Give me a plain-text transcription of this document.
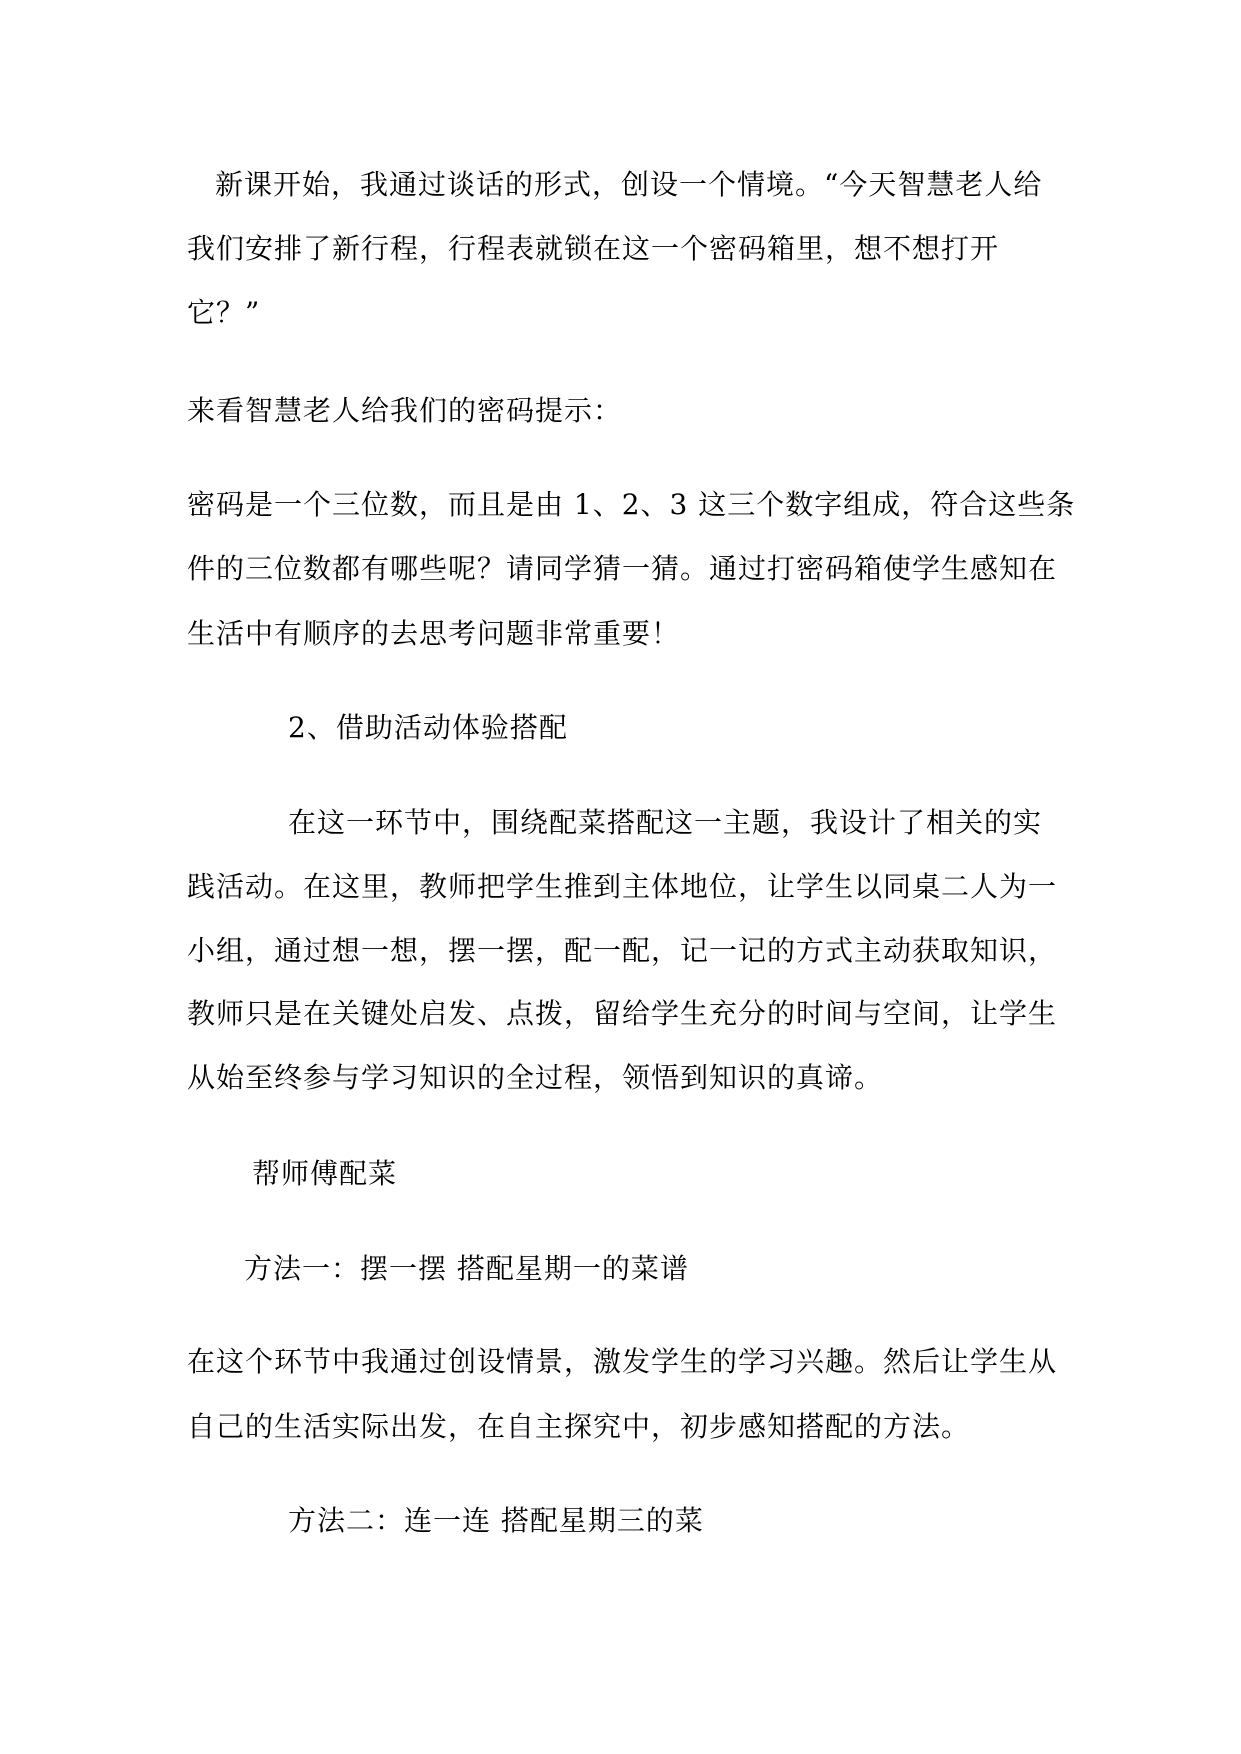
新课开始，我通过谈话的形式，创设一个情境。“今天智慧老人给
我们安排了新行程，行程表就锁在这一个密码箱里，想不想打开
它？”
来看智慧老人给我们的密码提示：
密码是一个三位数，而且是由 1、2、3 这三个数字组成，符合这些条
件的三位数都有哪些呢？请同学猜一猜。通过打密码箱使学生感知在
生活中有顺序的去思考问题非常重要！
2、借助活动体验搭配
在这一环节中，围绕配菜搭配这一主题，我设计了相关的实
践活动。在这里，教师把学生推到主体地位，让学生以同桌二人为一
小组，通过想一想，摆一摆，配一配，记一记的方式主动获取知识，
教师只是在关键处启发、点拨，留给学生充分的时间与空间，让学生
从始至终参与学习知识的全过程，领悟到知识的真谛。
帮师傅配菜
方法一：摆一摆 搭配星期一的菜谱
在这个环节中我通过创设情景，激发学生的学习兴趣。然后让学生从
自己的生活实际出发，在自主探究中，初步感知搭配的方法。
方法二：连一连 搭配星期三的菜
